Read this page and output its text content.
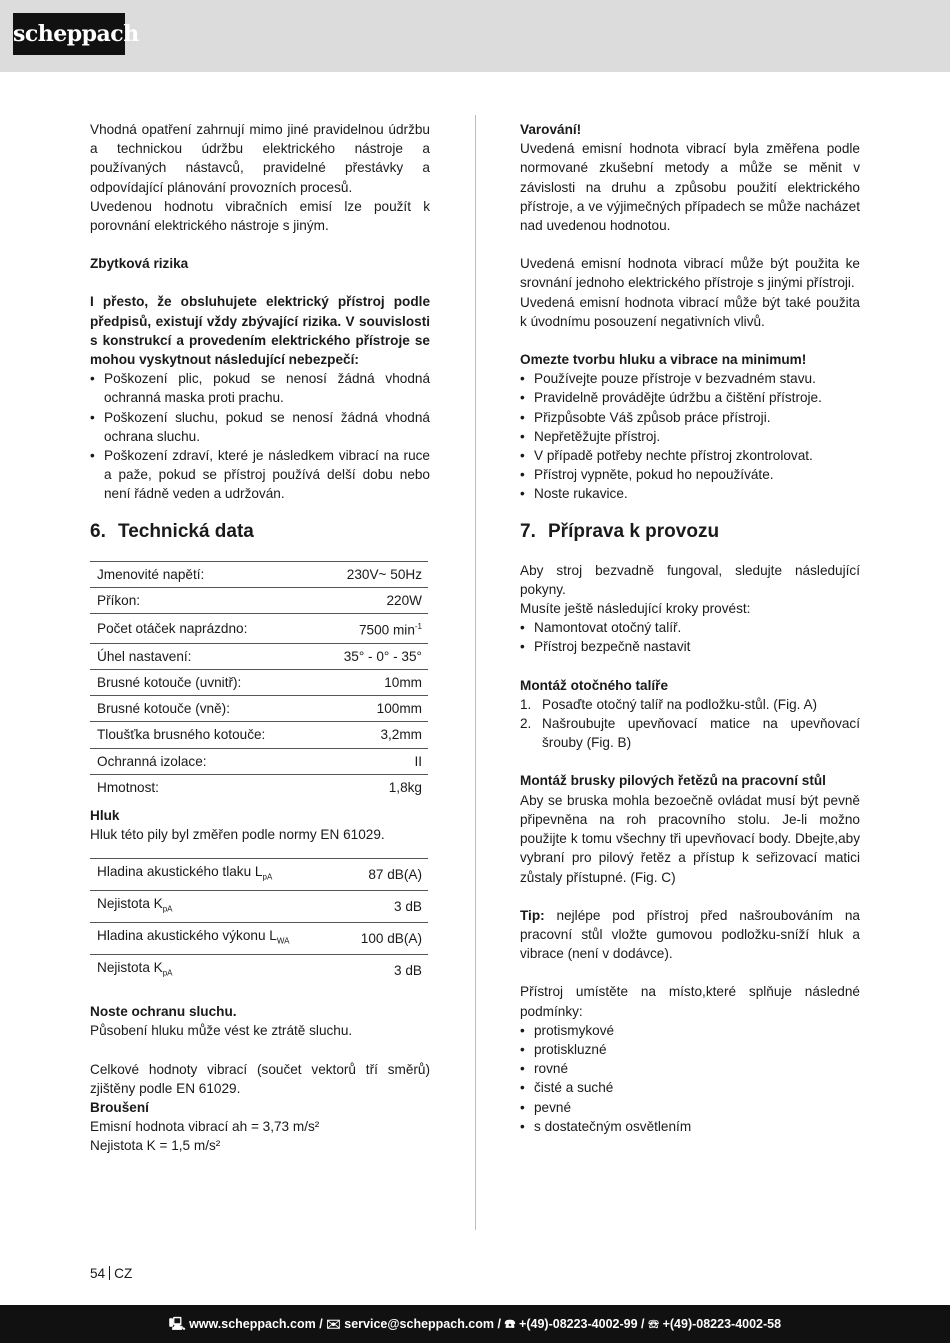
scheppach

Vhodná opatření zahrnují mimo jiné pravidelnou údržbu a technickou údržbu elektrického nástroje a používaných nástavců, pravidelné přestávky a odpovídající plánování provozních procesů.

Uvedenou hodnotu vibračních emisí lze použít k porovnání elektrického nástroje s jiným.

Zbytková rizika

I přesto, že obsluhujete elektrický přístroj podle předpisů, existují vždy zbývající rizika. V souvislosti s konstrukcí a provedením elektrického přístroje se mohou vyskytnout následující nebezpečí:

• Poškození plic, pokud se nenosí žádná vhodná ochranná maska proti prachu.
• Poškození sluchu, pokud se nenosí žádná vhodná ochrana sluchu.
• Poškození zdraví, které je následkem vibrací na ruce a paže, pokud se přístroj používá delší dobu nebo není řádně veden a udržován.
6. Technická data
Jmenovité napětí:	230V~ 50Hz
Příkon:	220W
Počet otáček naprázdno:	7500 $\min^{-1}$
Úhel nastavení:	35° - 0° - 35°
Brusné kotouče (uvnitř):	10mm
Brusné kotouče (vně):	100mm
Tloušťka brusného kotouče:	3,2mm
Ochranná izolace:	II
Hmotnost:	1,8kg

Hluk

Hluk této pily byl změřen podle normy EN 61029.

Hladina akustického tlaku $L_{pA}$	87 dB(A)
Nejistota $K_{pA}$	3 dB
Hladina akustického výkonu $L_{WA}$	100 dB(A)
Nejistota $K_{pA}$	3 dB

Noste ochranu sluchu.

Působení hluku může vést ke ztrátě sluchu.

Celkové hodnoty vibrací (součet vektorů tří směrů) zjištěny podle EN 61029.

Broušení

Emisní hodnota vibrací ah = 3,73 m/s²

Nejistota K = 1,5 m/s²

Varování!

Uvedená emisní hodnota vibrací byla změřena podle normované zkušební metody a může se měnit v závislosti na druhu a způsobu použití elektrického přístroje, a ve výjimečných případech se může nacházet nad uvedenou hodnotou.

Uvedená emisní hodnota vibrací může být použita ke srovnání jednoho elektrického přístroje s jinými přístroji.

Uvedená emisní hodnota vibrací může být také použita k úvodnímu posouzení negativních vlivů.

Omezte tvorbu hluku a vibrace na minimum!

• Používejte pouze přístroje v bezvadném stavu.
• Pravidelně provádějte údržbu a čištění přístroje.
• Přizpůsobte Váš způsob práce přístroji.
• Nepřetěžujte přístroj.
• V případě potřeby nechte přístroj zkontrolovat.
• Přístroj vypněte, pokud ho nepoužíváte.
• Noste rukavice.
7. Příprava k provozu

Aby stroj bezvadně fungoval, sledujte následující pokyny.

Musíte ještě následující kroky provést:

• Namontovat otočný talíř.
• Přístroj bezpečně nastavit

Montáž otočného talíře

1. Posaďte otočný talíř na podložku-stůl. (Fig. A)
2. Našroubujte upevňovací matice na upevňovací šrouby (Fig. B)

Montáž brusky pilových řetězů na pracovní stůl

Aby se bruska mohla bezoečně ovládat musí být pevně připevněna na roh pracovního stolu. Je-li možno použijte k tomu všechny tři upevňovací body. Dbejte,aby vybraní pro pilový řetěz a přístup k seřizovací matici zůstaly přístupné. (Fig. C)

Tip: nejlépe pod přístroj před našroubováním na pracovní stůl vložte gumovou podložku-sníží hluk a vibrace (není v dodávce).

Přístroj umístěte na místo,které splňuje následné podmínky:

• protismykové
• protiskluzné
• rovné
• čisté a suché
• pevné
• s dostatečným osvětlením
54 CZ
🖳 www.scheppach.com / ✉ service@scheppach.com / ☎ +(49)-08223-4002-99 / ☏ +(49)-08223-4002-58
